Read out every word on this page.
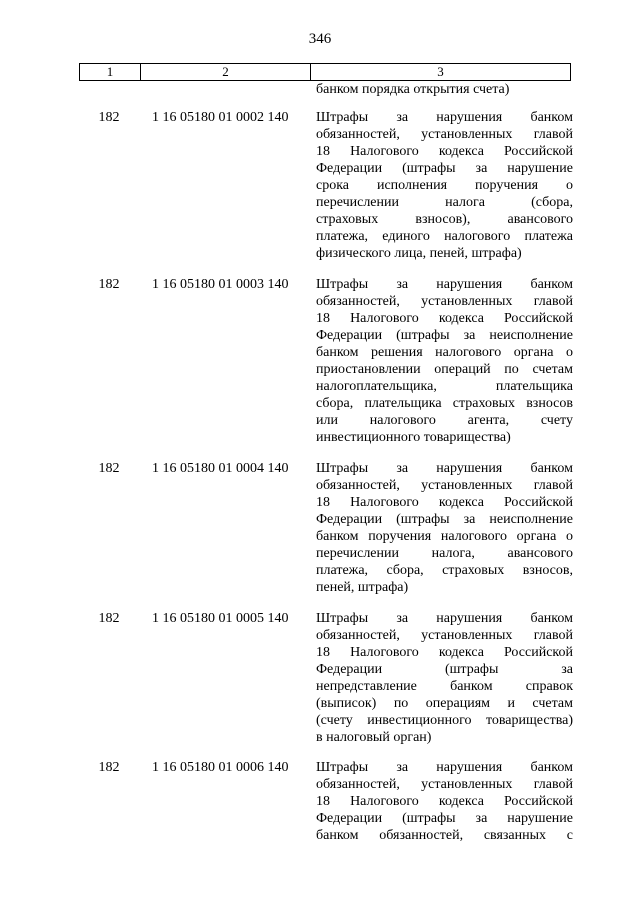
346
1	2	3
банком порядка открытия счета)
182	1 16 05180 01 0002 140 Штрафы за нарушения банком
обязанностей, установленных главой
18 Налогового кодекса Российской
Федерации (штрафы за нарушение
срока исполнения поручения о
перечислении налога (сбора,
страховых взносов), авансового
платежа, единого налогового платежа
физического лица, пеней, штрафа)
182	1 16 05180 01 0003 140 Штрафы за нарушения банком
обязанностей, установленных главой
18 Налогового кодекса Российской
Федерации (штрафы за неисполнение
банком решения налогового органа о
приостановлении операций по счетам
налогоплательщика, плательщика
сбора, плательщика страховых взносов
или налогового агента, счету
инвестиционного товарищества)
182	1 16 05180 01 0004 140 Штрафы за нарушения банком
обязанностей, установленных главой
18 Налогового кодекса Российской
Федерации (штрафы за неисполнение
банком поручения налогового органа о
перечислении налога, авансового
платежа, сбора, страховых взносов,
пеней, штрафа)
182	1 16 05180 01 0005 140 Штрафы за нарушения банком
обязанностей, установленных главой
18 Налогового кодекса Российской
Федерации (штрафы за
непредставление банком справок
(выписок) по операциям и счетам
(счету инвестиционного товарищества)
в налоговый орган)
182	1 16 05180 01 0006 140 Штрафы за нарушения банком
обязанностей, установленных главой
18 Налогового кодекса Российской
Федерации (штрафы за нарушение
банком обязанностей, связанных с
